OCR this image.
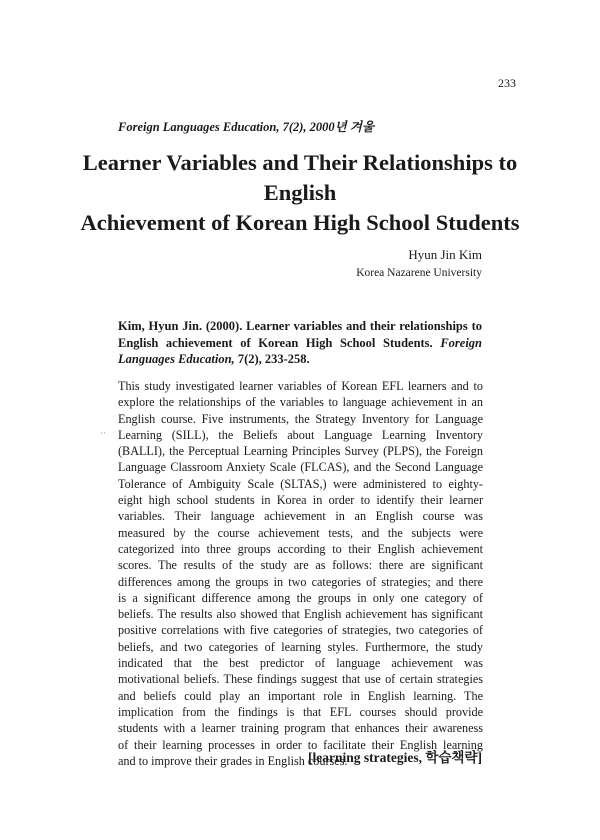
233
Foreign Languages Education, 7(2), 2000년 겨울
Learner Variables and Their Relationships to English
Achievement of Korean High School Students
Hyun Jin Kim
Korea Nazarene University
Kim, Hyun Jin. (2000). Learner variables and their relationships to English achievement of Korean High School Students. Foreign Languages Education, 7(2), 233-258.
··
This study investigated learner variables of Korean EFL learners and to
explore the relationships of the variables to language achievement in an
English course. Five instruments, the Strategy Inventory for Language
Learning (SILL), the Beliefs about Language Learning Inventory
(BALLI), the Perceptual Learning Principles Survey (PLPS), the Foreign
Language Classroom Anxiety Scale (FLCAS), and the Second Language
Tolerance of Ambiguity Scale (SLTAS,) were administered to eighty-
eight high school students in Korea in order to identify their learner
variables. Their language achievement in an English course was
measured by the course achievement tests, and the subjects were
categorized into three groups according to their English achievement
scores. The results of the study are as follows: there are significant
differences among the groups in two categories of strategies; and there
is a significant difference among the groups in only one category of
beliefs. The results also showed that English achievement has significant
positive correlations with five categories of strategies, two categories of
beliefs, and two categories of learning styles. Furthermore, the study
indicated that the best predictor of language achievement was
motivational beliefs. These findings suggest that use of certain strategies
and beliefs could play an important role in English learning. The
implication from the findings is that EFL courses should provide
students with a learner training program that enhances their awareness
of their learning processes in order to facilitate their English learning
and to improve their grades in English courses.
[learning strategies, 학습책략]
